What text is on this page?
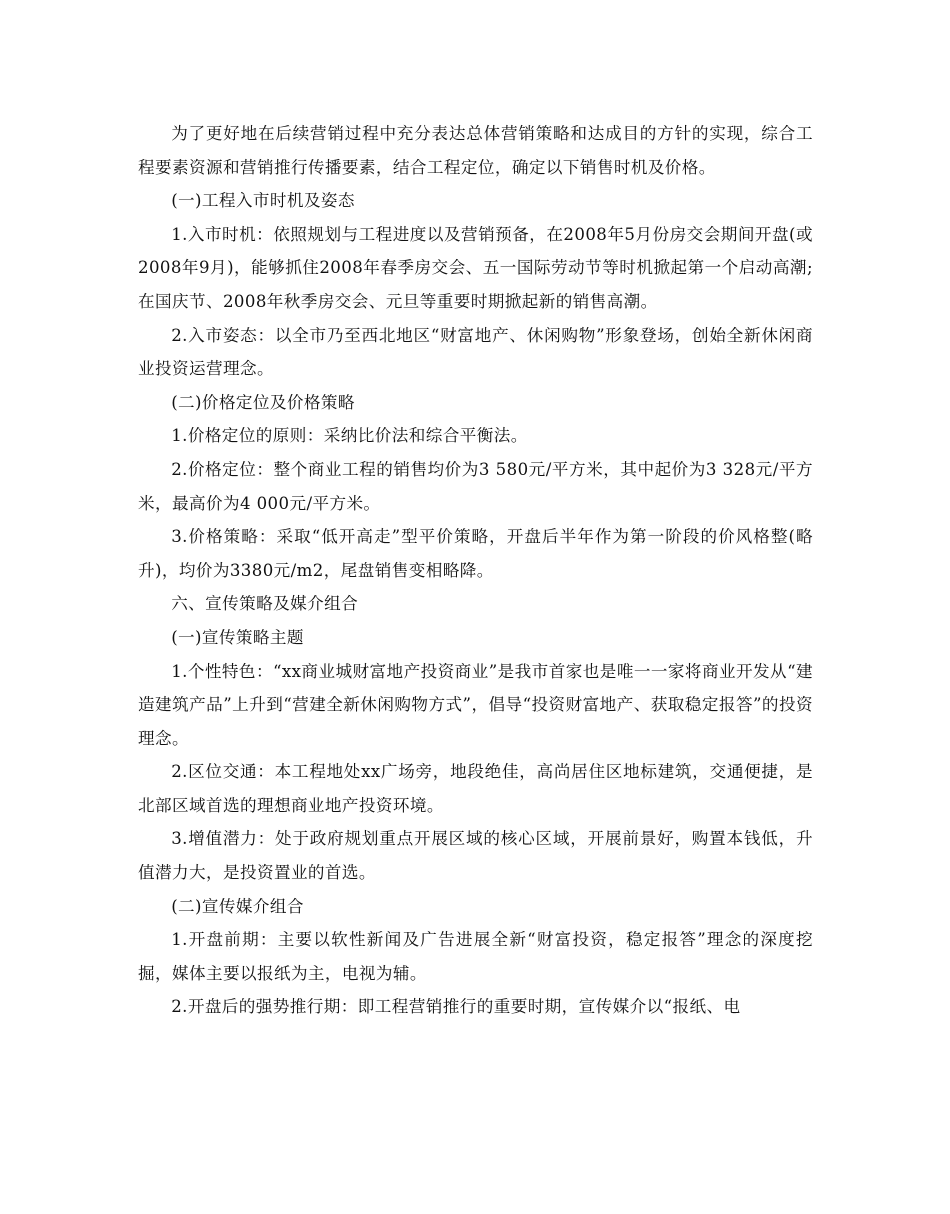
为了更好地在后续营销过程中充分表达总体营销策略和达成目的方针的实现，综合工程要素资源和营销推行传播要素，结合工程定位，确定以下销售时机及价格。

(一)工程入市时机及姿态

1.入市时机：依照规划与工程进度以及营销预备，在2008年5月份房交会期间开盘(或2008年9月)，能够抓住2008年春季房交会、五一国际劳动节等时机掀起第一个启动高潮;在国庆节、2008年秋季房交会、元旦等重要时期掀起新的销售高潮。

2.入市姿态：以全市乃至西北地区“财富地产、休闲购物”形象登场，创始全新休闲商业投资运营理念。

(二)价格定位及价格策略

1.价格定位的原则：采纳比价法和综合平衡法。

2.价格定位：整个商业工程的销售均价为3 580元/平方米，其中起价为3 328元/平方米，最高价为4 000元/平方米。

3.价格策略：采取“低开高走”型平价策略，开盘后半年作为第一阶段的价风格整(略升)，均价为3380元/m2，尾盘销售变相略降。

六、宣传策略及媒介组合

(一)宣传策略主题

1.个性特色：“xx商业城财富地产投资商业”是我市首家也是唯一一家将商业开发从“建造建筑产品”上升到“营建全新休闲购物方式”，倡导“投资财富地产、获取稳定报答”的投资理念。

2.区位交通：本工程地处xx广场旁，地段绝佳，高尚居住区地标建筑，交通便捷，是北部区域首选的理想商业地产投资环境。

3.增值潜力：处于政府规划重点开展区域的核心区域，开展前景好，购置本钱低，升值潜力大，是投资置业的首选。

(二)宣传媒介组合

1.开盘前期：主要以软性新闻及广告进展全新“财富投资，稳定报答”理念的深度挖掘，媒体主要以报纸为主，电视为辅。

2.开盘后的强势推行期：即工程营销推行的重要时期，宣传媒介以“报纸、电
